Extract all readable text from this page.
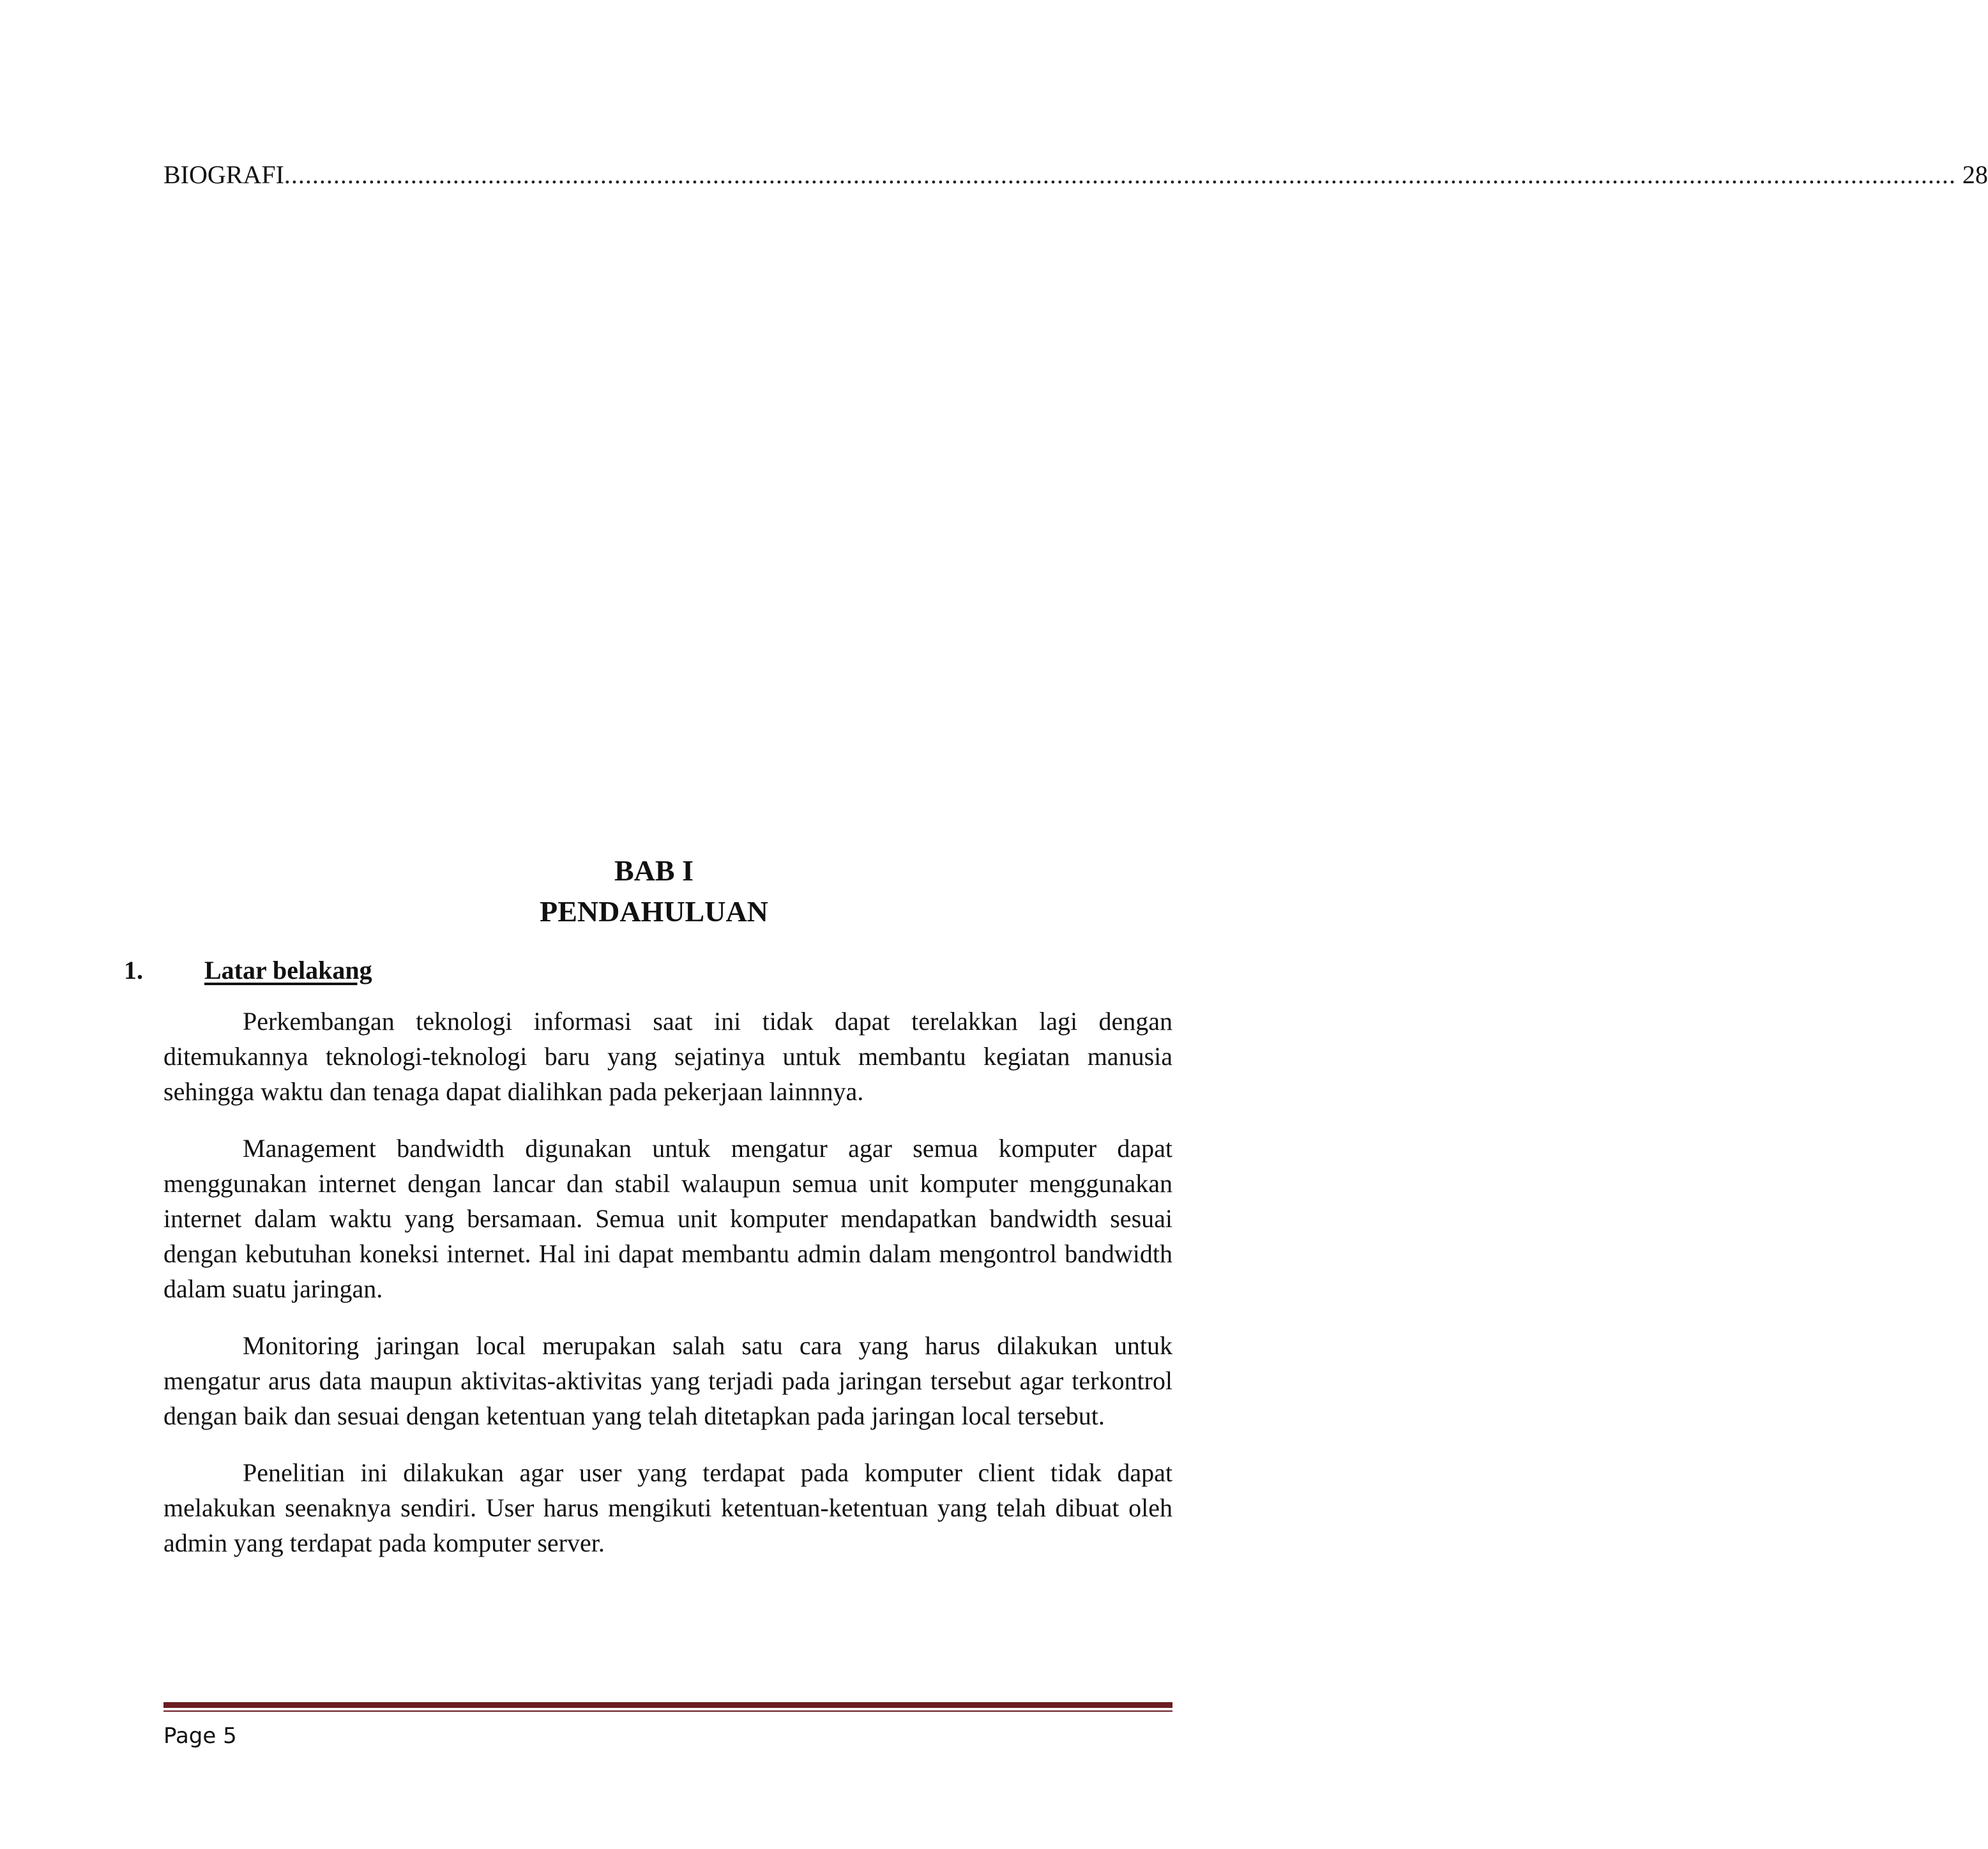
BIOGRAFI .............................................................................................................................................................................................................................................. 28
BAB I
PENDAHULUAN
1.	Latar belakang

Perkembangan teknologi informasi saat ini tidak dapat terelakkan lagi dengan ditemukannya teknologi-teknologi baru yang sejatinya untuk membantu kegiatan manusia sehingga waktu dan tenaga dapat dialihkan pada pekerjaan lainnnya.

Management bandwidth digunakan untuk mengatur agar semua komputer dapat menggunakan internet dengan lancar dan stabil walaupun semua unit komputer menggunakan internet dalam waktu yang bersamaan. Semua unit komputer mendapatkan bandwidth sesuai dengan kebutuhan koneksi internet. Hal ini dapat membantu admin dalam mengontrol bandwidth dalam suatu jaringan.

Monitoring jaringan local merupakan salah satu cara yang harus dilakukan untuk mengatur arus data maupun aktivitas-aktivitas yang terjadi pada jaringan tersebut agar terkontrol dengan baik dan sesuai dengan ketentuan yang telah ditetapkan pada jaringan local tersebut.

Penelitian ini dilakukan agar user yang terdapat pada komputer client tidak dapat melakukan seenaknya sendiri. User harus mengikuti ketentuan-ketentuan yang telah dibuat oleh admin yang terdapat pada komputer server.

Page 5
